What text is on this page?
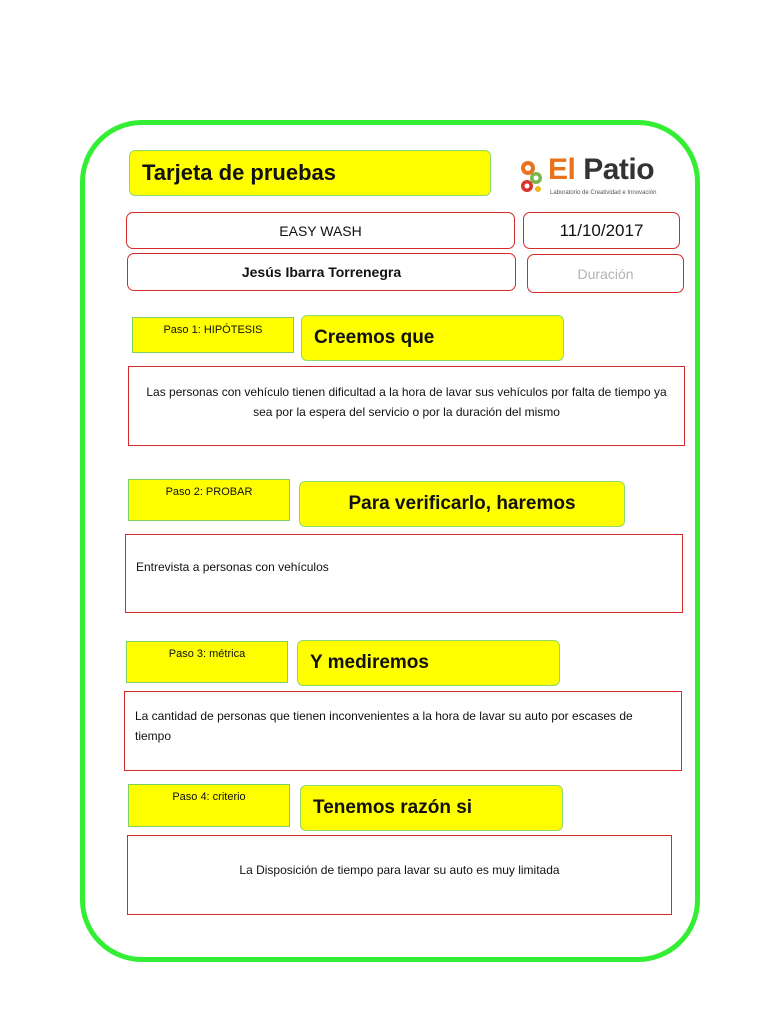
Tarjeta de pruebas	El Patio
Laboratorio de Creatividad e Innovación
EASY WASH	11/10/2017
Jesús Ibarra Torrenegra	Duración
Paso 1: HIPÓTESIS	Creemos que
Las personas con vehículo tienen dificultad a la hora de lavar sus vehículos por falta de tiempo ya sea por la espera del servicio o por la duración del mismo
Paso 2: PROBAR
Para verificarlo, haremos
Entrevista a personas con vehículos
Paso 3: métrica	Y mediremos
La cantidad de personas que tienen inconvenientes a la hora de lavar su auto por escases de tiempo
Paso 4: criterio	Tenemos razón si
La Disposición de tiempo para lavar su auto es muy limitada
